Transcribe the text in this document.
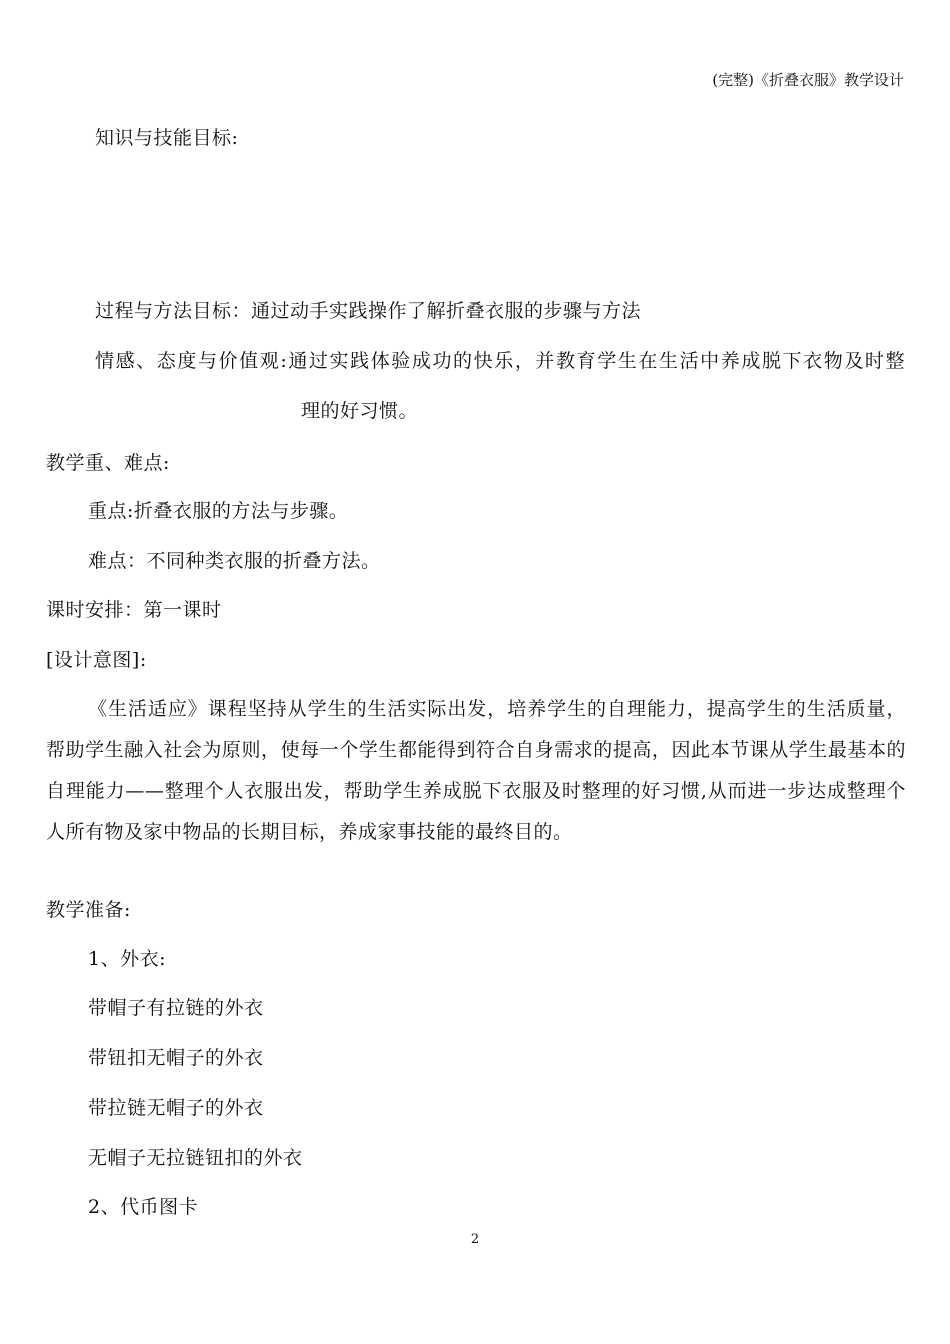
(完整)《折叠衣服》教学设计
知识与技能目标:
过程与方法目标：通过动手实践操作了解折叠衣服的步骤与方法
情感、态度与价值观:通过实践体验成功的快乐，并教育学生在生活中养成脱下衣物及时整
理的好习惯。
教学重、难点:
重点:折叠衣服的方法与步骤。
难点：不同种类衣服的折叠方法。
课时安排：第一课时
[设计意图]:
《生活适应》课程坚持从学生的生活实际出发，培养学生的自理能力，提高学生的生活质量，帮助学生融入社会为原则，使每一个学生都能得到符合自身需求的提高，因此本节课从学生最基本的自理能力——整理个人衣服出发，帮助学生养成脱下衣服及时整理的好习惯,从而进一步达成整理个人所有物及家中物品的长期目标，养成家事技能的最终目的。
教学准备:
1、外衣:
带帽子有拉链的外衣
带钮扣无帽子的外衣
带拉链无帽子的外衣
无帽子无拉链钮扣的外衣
2、代币图卡
2
